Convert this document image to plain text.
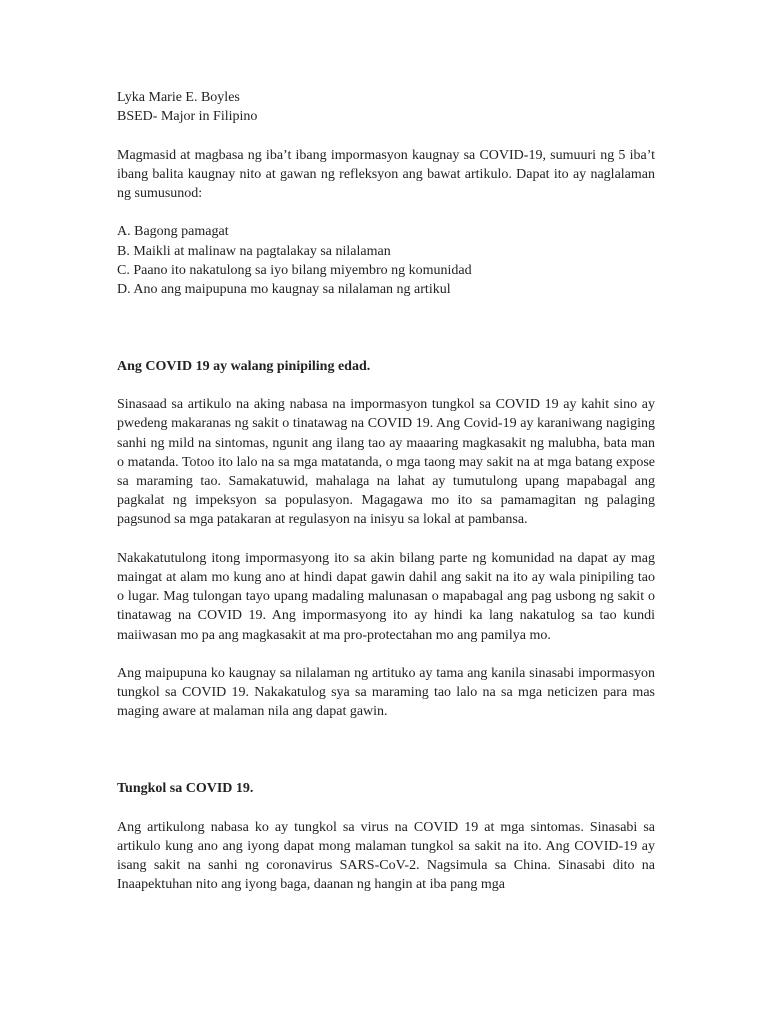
Lyka Marie E. Boyles
BSED- Major in Filipino

Magmasid at magbasa ng iba’t ibang impormasyon kaugnay sa COVID-19, sumuuri ng 5 iba’t ibang balita kaugnay nito at gawan ng refleksyon ang bawat artikulo. Dapat ito ay naglalaman ng sumusunod:

A. Bagong pamagat
B. Maikli at malinaw na pagtalakay sa nilalaman
C. Paano ito nakatulong sa iyo bilang miyembro ng komunidad
D. Ano ang maipupuna mo kaugnay sa nilalaman ng artikul

Ang COVID 19 ay walang pinipiling edad.

Sinasaad sa artikulo na aking nabasa na impormasyon tungkol sa COVID 19 ay kahit sino ay pwedeng makaranas ng sakit o tinatawag na COVID 19. Ang Covid-19 ay karaniwang nagiging sanhi ng mild na sintomas, ngunit ang ilang tao ay maaaring magkasakit ng malubha, bata man o matanda. Totoo ito lalo na sa mga matatanda, o mga taong may sakit na at mga batang expose sa maraming tao. Samakatuwid, mahalaga na lahat ay tumutulong upang mapabagal ang pagkalat ng impeksyon sa populasyon. Magagawa mo ito sa pamamagitan ng palaging pagsunod sa mga patakaran at regulasyon na inisyu sa lokal at pambansa.

Nakakatutulong itong impormasyong ito sa akin bilang parte ng komunidad na dapat ay mag maingat at alam mo kung ano at hindi dapat gawin dahil ang sakit na ito ay wala pinipiling tao o lugar. Mag tulongan tayo upang madaling malunasan o mapabagal ang pag usbong ng sakit o tinatawag na COVID 19. Ang impormasyong ito ay hindi ka lang nakatulog sa tao kundi maiiwasan mo pa ang magkasakit at ma pro-protectahan mo ang pamilya mo.

Ang maipupuna ko kaugnay sa nilalaman ng artituko ay tama ang kanila sinasabi impormasyon tungkol sa COVID 19. Nakakatulog sya sa maraming tao lalo na sa mga neticizen para mas maging aware at malaman nila ang dapat gawin.

Tungkol sa COVID 19.

Ang artikulong nabasa ko ay tungkol sa virus na COVID 19 at mga sintomas. Sinasabi sa artikulo kung ano ang iyong dapat mong malaman tungkol sa sakit na ito. Ang COVID-19 ay isang sakit na sanhi ng coronavirus SARS-CoV-2. Nagsimula sa China. Sinasabi dito na Inaapektuhan nito ang iyong baga, daanan ng hangin at iba pang mga
